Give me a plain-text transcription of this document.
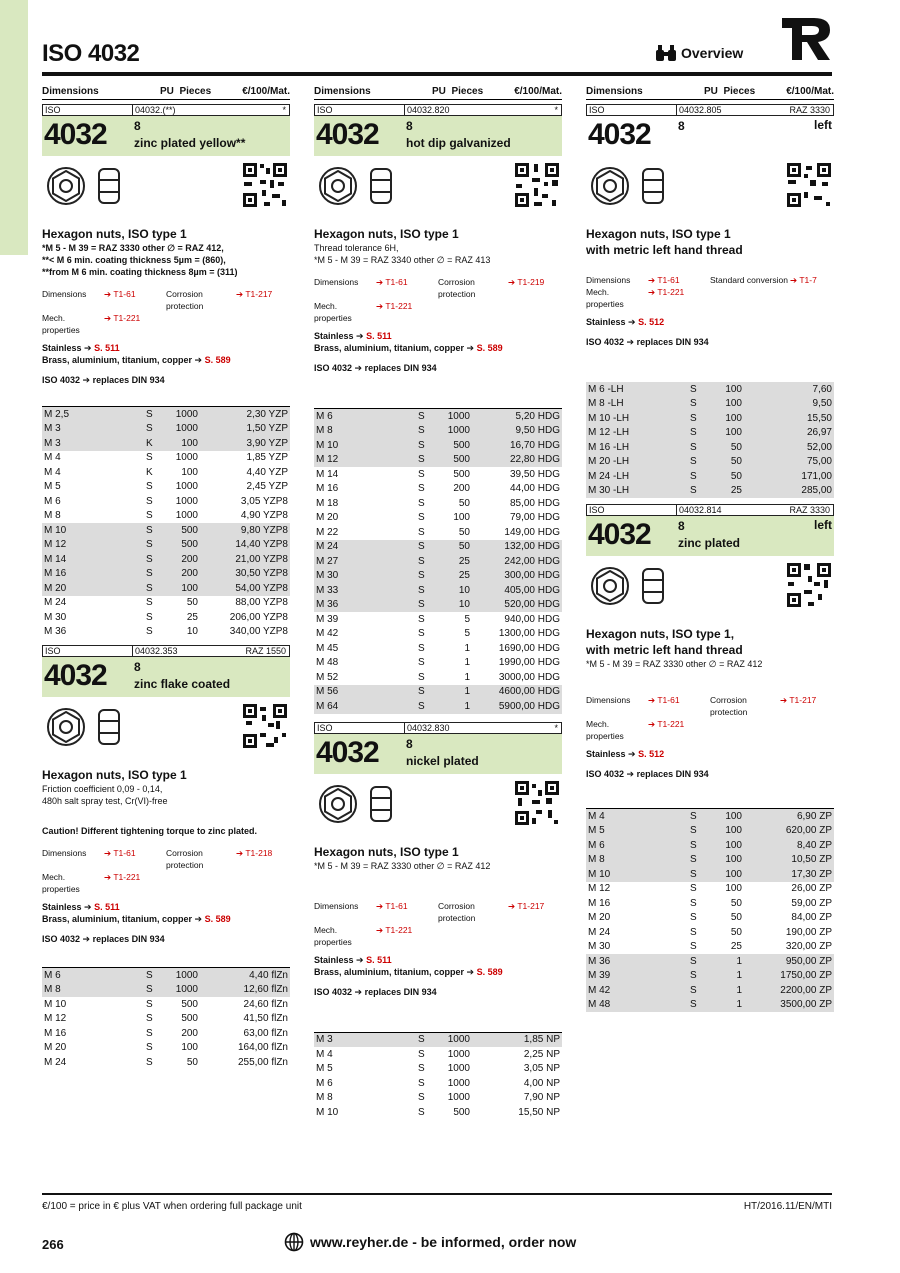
ISO 4032	Overview
Dimensions	PU Pieces	€/100/Mat.
ISO	04032.(**)	*
4032	8
zinc plated yellow**
Hexagon nuts, ISO type 1
*M 5 - M 39 = RAZ 3330 other ∅ = RAZ 412,
**< M 6 min. coating thickness 5µm = (860),
**from M 6 min. coating thickness 8µm = (311)
Dimensions	➔ T1-61	Corrosion protection
➔ T1-217
Mech. properties
➔ T1-221
Stainless ➔ S. 511
Brass, aluminium, titanium, copper ➔ S. 589
ISO 4032 ➔ replaces DIN 934
M 2,5	S	1000	2,30 YZP
M 3	S	1000	1,50 YZP
M 3	K	100	3,90 YZP
M 4	S	1000	1,85 YZP
M 4	K	100	4,40 YZP
M 5	S	1000	2,45 YZP
M 6	S	1000	3,05 YZP8
M 8	S	1000	4,90 YZP8
M 10	S	500	9,80 YZP8
M 12	S	500	14,40 YZP8
M 14	S	200	21,00 YZP8
M 16	S	200	30,50 YZP8
M 20	S	100	54,00 YZP8
M 24	S	50	88,00 YZP8
M 30	S	25	206,00 YZP8
M 36	S	10	340,00 YZP8
ISO	04032.353	RAZ 1550
4032	8
zinc flake coated
Hexagon nuts, ISO type 1
Friction coefficient 0,09 - 0,14,
480h salt spray test, Cr(VI)-free
Caution! Different tightening torque to zinc plated.
Dimensions	➔ T1-61	Corrosion protection
➔ T1-218
Mech. properties
➔ T1-221
Stainless ➔ S. 511
Brass, aluminium, titanium, copper ➔ S. 589
ISO 4032 ➔ replaces DIN 934
M 6	S	1000	4,40 flZn
M 8	S	1000	12,60 flZn
M 10	S	500	24,60 flZn
M 12	S	500	41,50 flZn
M 16	S	200	63,00 flZn
M 20	S	100	164,00 flZn
M 24	S	50	255,00 flZn
Dimensions	PU Pieces	€/100/Mat.
ISO	04032.820	*
4032	8
hot dip galvanized
Hexagon nuts, ISO type 1
Thread tolerance 6H,
*M 5 - M 39 = RAZ 3340 other ∅ = RAZ 413
Dimensions	➔ T1-61	Corrosion protection
➔ T1-219
Mech. properties
➔ T1-221
Stainless ➔ S. 511
Brass, aluminium, titanium, copper ➔ S. 589
ISO 4032 ➔ replaces DIN 934
M 6	S	1000	5,20 HDG
M 8	S	1000	9,50 HDG
M 10	S	500	16,70 HDG
M 12	S	500	22,80 HDG
M 14	S	500	39,50 HDG
M 16	S	200	44,00 HDG
M 18	S	50	85,00 HDG
M 20	S	100	79,00 HDG
M 22	S	50	149,00 HDG
M 24	S	50	132,00 HDG
M 27	S	25	242,00 HDG
M 30	S	25	300,00 HDG
M 33	S	10	405,00 HDG
M 36	S	10	520,00 HDG
M 39	S	5	940,00 HDG
M 42	S	5	1300,00 HDG
M 45	S	1	1690,00 HDG
M 48	S	1	1990,00 HDG
M 52	S	1	3000,00 HDG
M 56	S	1	4600,00 HDG
M 64	S	1	5900,00 HDG
ISO	04032.830	*
4032	8
nickel plated
Hexagon nuts, ISO type 1
*M 5 - M 39 = RAZ 3330 other ∅ = RAZ 412
Dimensions	➔ T1-61	Corrosion protection
➔ T1-217
Mech. properties
➔ T1-221
Stainless ➔ S. 511
Brass, aluminium, titanium, copper ➔ S. 589
ISO 4032 ➔ replaces DIN 934
M 3	S	1000	1,85 NP
M 4	S	1000	2,25 NP
M 5	S	1000	3,05 NP
M 6	S	1000	4,00 NP
M 8	S	1000	7,90 NP
M 10	S	500	15,50 NP
Dimensions	PU Pieces	€/100/Mat.
ISO	04032.805	RAZ 3330
4032	8	left
Hexagon nuts, ISO type 1
with metric left hand thread
Dimensions	➔ T1-61	Standard conversion ➔ T1-7
Mech. properties
➔ T1-221
Stainless ➔ S. 512
ISO 4032 ➔ replaces DIN 934
M 6 -LH	S	100	7,60
M 8 -LH	S	100	9,50
M 10 -LH	S	100	15,50
M 12 -LH	S	100	26,97
M 16 -LH	S	50	52,00
M 20 -LH	S	50	75,00
M 24 -LH	S	50	171,00
M 30 -LH	S	25	285,00
ISO	04032.814	RAZ 3330
4032	8
zinc plated
left
Hexagon nuts, ISO type 1,
with metric left hand thread
*M 5 - M 39 = RAZ 3330 other ∅ = RAZ 412
Dimensions	➔ T1-61	Corrosion protection
➔ T1-217
Mech. properties
➔ T1-221
Stainless ➔ S. 512
ISO 4032 ➔ replaces DIN 934
M 4	S	100	6,90 ZP
M 5	S	100	620,00 ZP
M 6	S	100	8,40 ZP
M 8	S	100	10,50 ZP
M 10	S	100	17,30 ZP
M 12	S	100	26,00 ZP
M 16	S	50	59,00 ZP
M 20	S	50	84,00 ZP
M 24	S	50	190,00 ZP
M 30	S	25	320,00 ZP
M 36	S	1	950,00 ZP
M 39	S	1	1750,00 ZP
M 42	S	1	2200,00 ZP
M 48	S	1	3500,00 ZP
€/100 = price in € plus VAT when ordering full package unit	HT/2016.11/EN/MTI
266	www.reyher.de - be informed, order now
